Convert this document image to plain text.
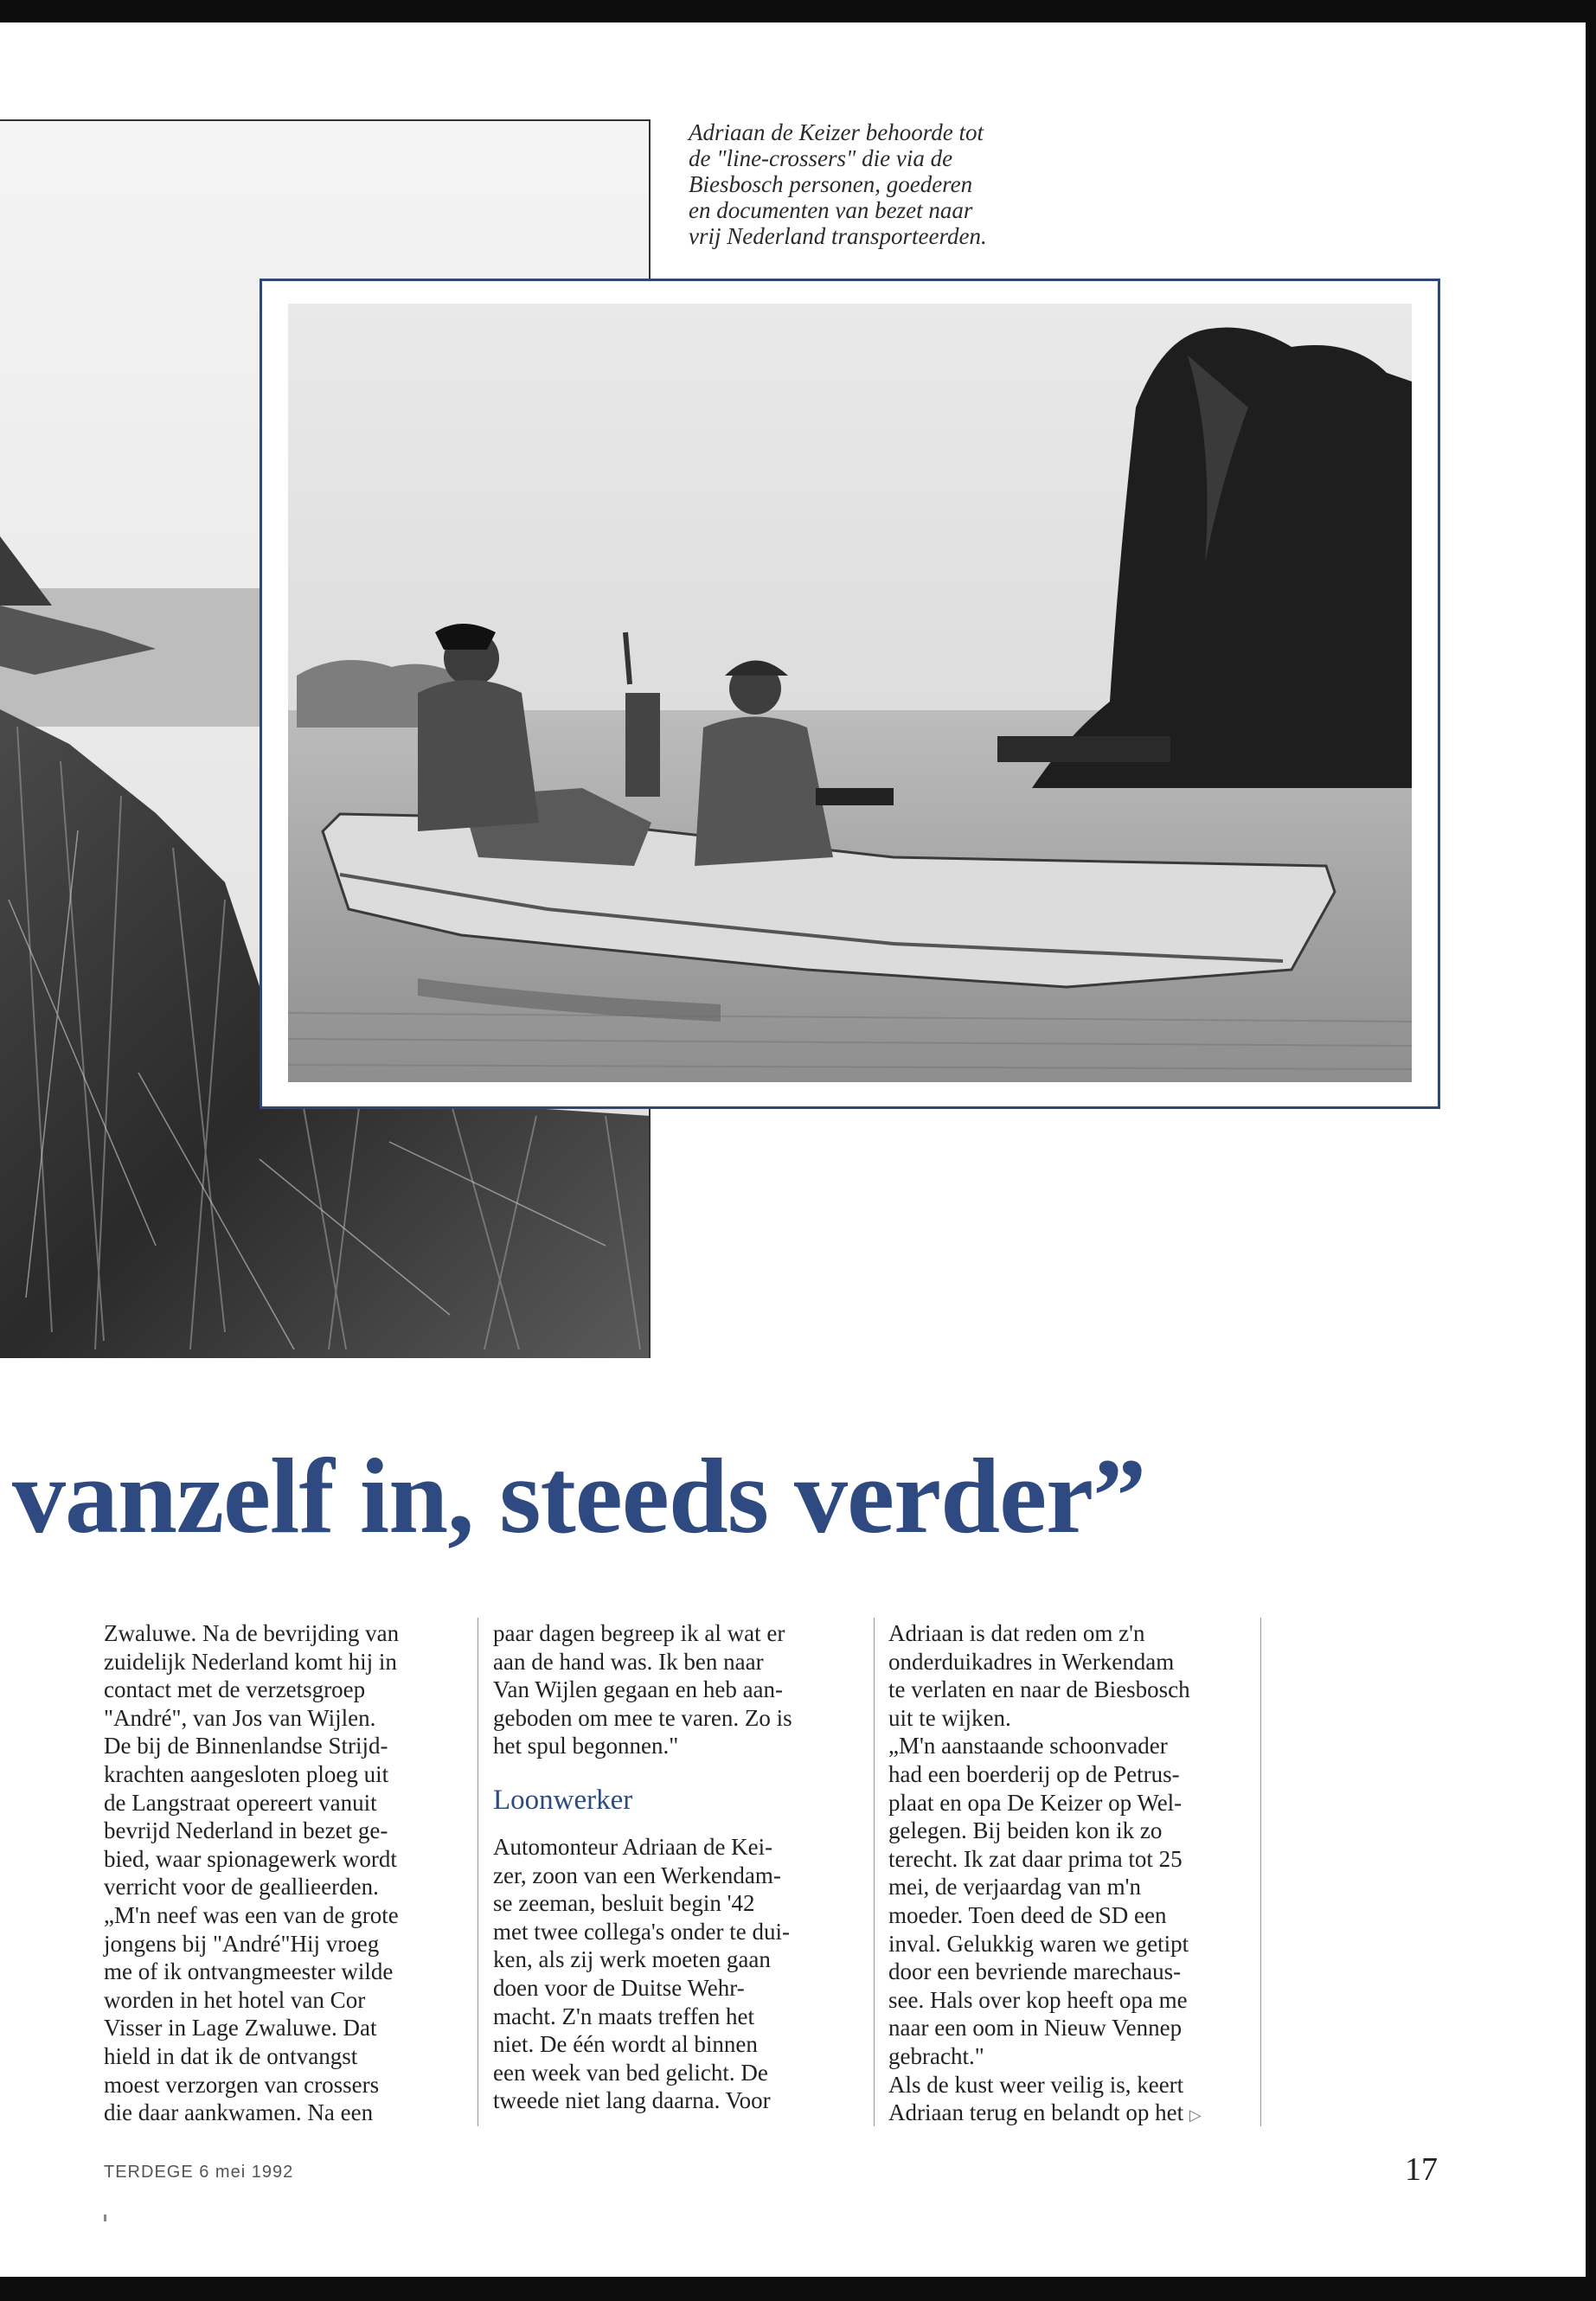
Adriaan de Keizer behoorde tot
de "line-crossers" die via de
Biesbosch personen, goederen
en documenten van bezet naar
vrij Nederland transporteerden.

vanzelf in, steeds verder”

Zwaluwe. Na de bevrijding van

zuidelijk Nederland komt hij in

contact met de verzetsgroep

"André", van Jos van Wijlen.

De bij de Binnenlandse Strijd-

krachten aangesloten ploeg uit

de Langstraat opereert vanuit

bevrijd Nederland in bezet ge-

bied, waar spionagewerk wordt

verricht voor de geallieerden.

„M'n neef was een van de grote

jongens bij "André"Hij vroeg

me of ik ontvangmeester wilde

worden in het hotel van Cor

Visser in Lage Zwaluwe. Dat

hield in dat ik de ontvangst

moest verzorgen van crossers

die daar aankwamen. Na een

paar dagen begreep ik al wat er

aan de hand was. Ik ben naar

Van Wijlen gegaan en heb aan-

geboden om mee te varen. Zo is

het spul begonnen."

Loonwerker

Automonteur Adriaan de Kei-

zer, zoon van een Werkendam-

se zeeman, besluit begin '42

met twee collega's onder te dui-

ken, als zij werk moeten gaan

doen voor de Duitse Wehr-

macht. Z'n maats treffen het

niet. De één wordt al binnen

een week van bed gelicht. De

tweede niet lang daarna. Voor

Adriaan is dat reden om z'n

onderduikadres in Werkendam

te verlaten en naar de Biesbosch

uit te wijken.

„M'n aanstaande schoonvader

had een boerderij op de Petrus-

plaat en opa De Keizer op Wel-

gelegen. Bij beiden kon ik zo

terecht. Ik zat daar prima tot 25

mei, de verjaardag van m'n

moeder. Toen deed de SD een

inval. Gelukkig waren we getipt

door een bevriende marechaus-

see. Hals over kop heeft opa me

naar een oom in Nieuw Vennep

gebracht."

Als de kust weer veilig is, keert

Adriaan terug en belandt op het ▷

TERDEGE 6 mei 1992	17
